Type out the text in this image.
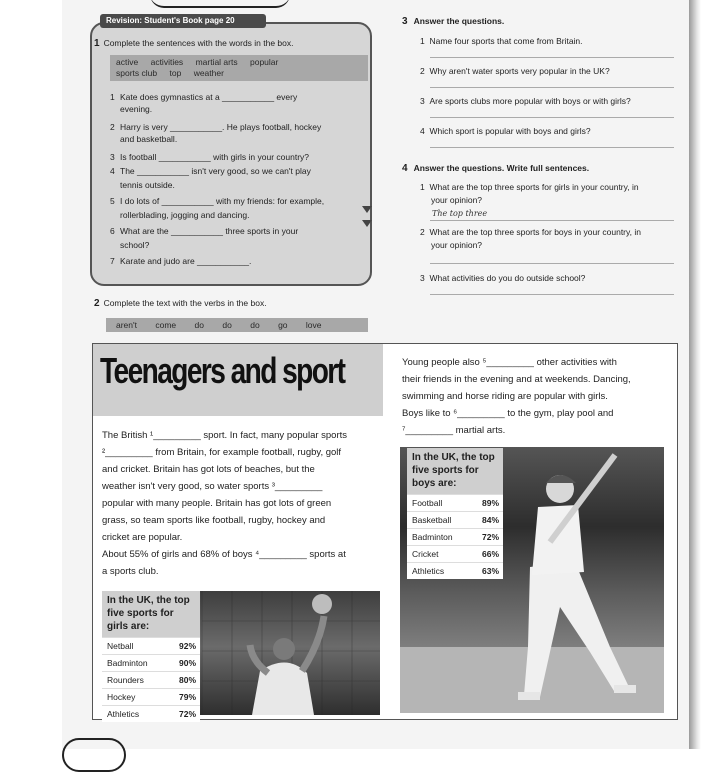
Revision: Student's Book page 20
1 Complete the sentences with the words in the box.
active activities martial arts popular
sports club top weather
1 Kate does gymnastics at a ___________ every
evening.
2 Harry is very ___________. He plays football, hockey
and basketball.
3 Is football ___________ with girls in your country?
4 The ___________ isn't very good, so we can't play
tennis outside.
5 I do lots of ___________ with my friends: for example,
rollerblading, jogging and dancing.
6 What are the ___________ three sports in your
school?
7 Karate and judo are ___________.
2 Complete the text with the verbs in the box.
aren't come do do do go love
3 Answer the questions.
1 Name four sports that come from Britain.
2 Why aren't water sports very popular in the UK?
3 Are sports clubs more popular with boys or with girls?
4 Which sport is popular with boys and girls?
4 Answer the questions. Write full sentences.
1 What are the top three sports for girls in your country, in
your opinion?
The top three
2 What are the top three sports for boys in your country, in
your opinion?
3 What activities do you do outside school?
Teenagers and sport
The British ¹_________ sport. In fact, many popular sports
²_________ from Britain, for example football, rugby, golf
and cricket. Britain has got lots of beaches, but the
weather isn't very good, so water sports ³_________
popular with many people. Britain has got lots of green
grass, so team sports like football, rugby, hockey and
cricket are popular.
About 55% of girls and 68% of boys ⁴_________ sports at
a sports club.
Young people also ⁵_________ other activities with
their friends in the evening and at weekends. Dancing,
swimming and horse riding are popular with girls.
Boys like to ⁶_________ to the gym, play pool and
⁷_________ martial arts.
In the UK, the top five sports for girls are:
Netball	92%
Badminton	90%
Rounders	80%
Hockey	79%
Athletics	72%
In the UK, the top five sports for boys are:
Football	89%
Basketball	84%
Badminton	72%
Cricket	66%
Athletics	63%
